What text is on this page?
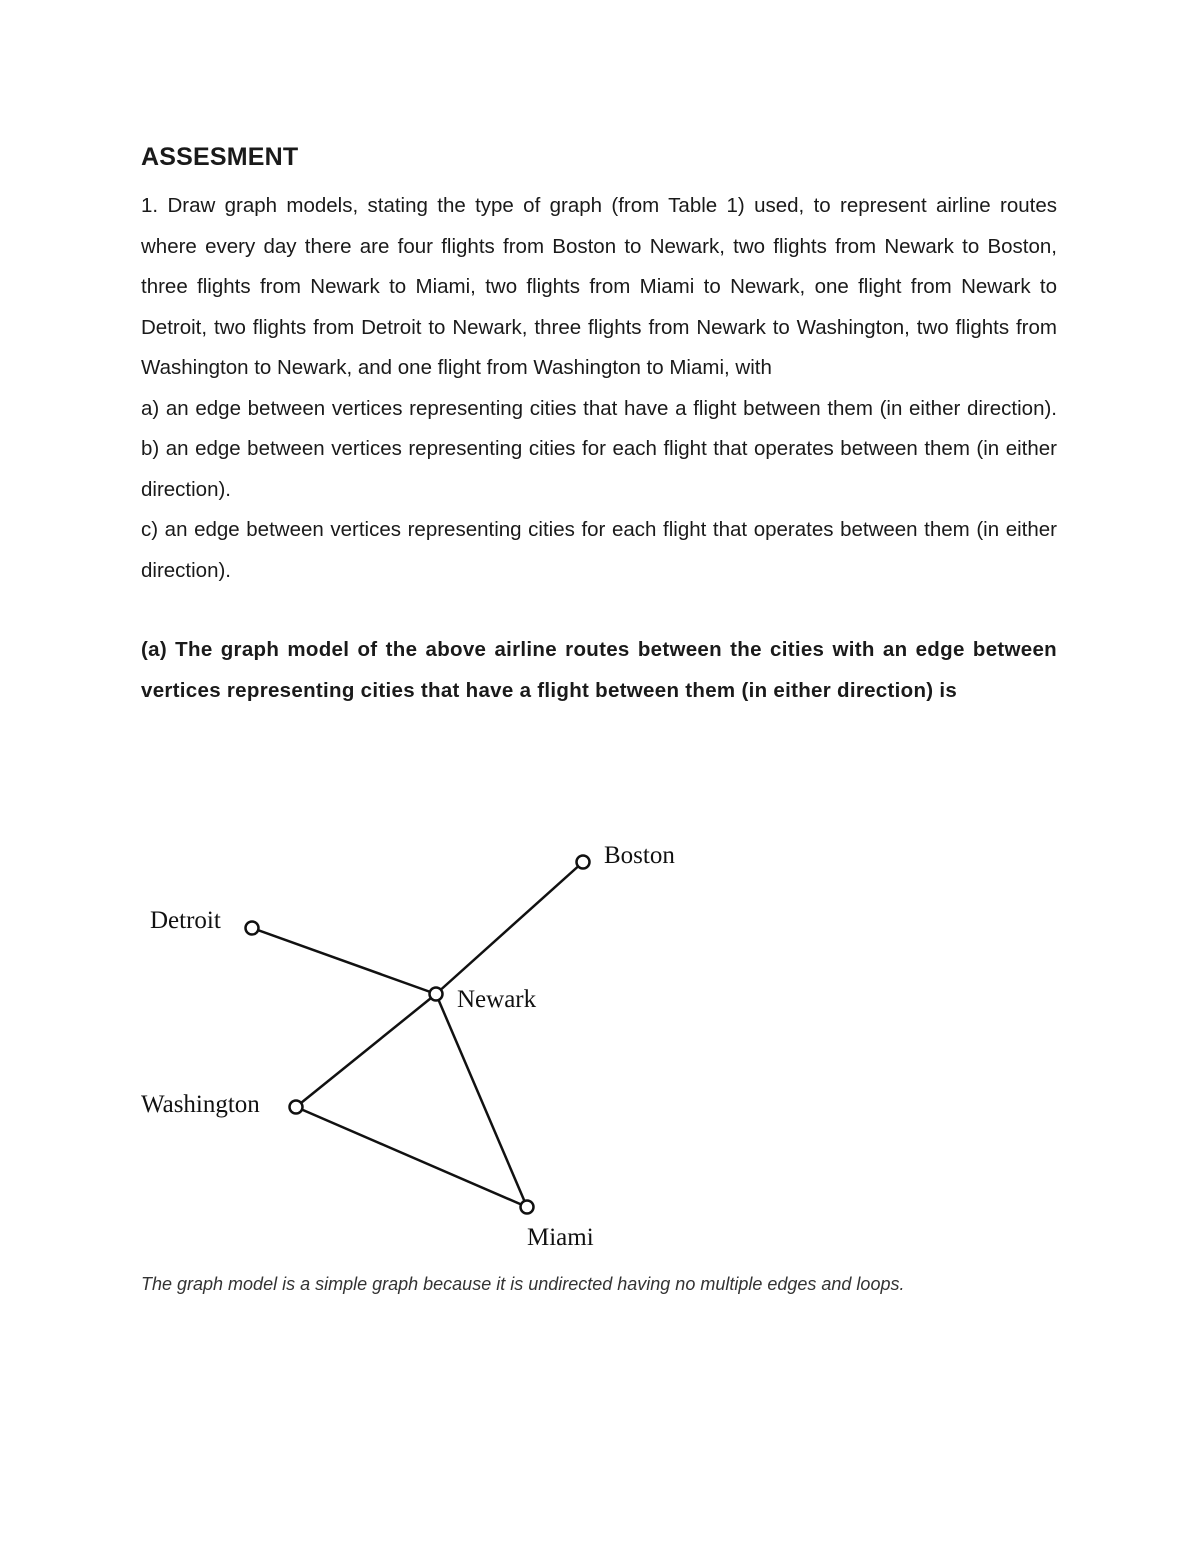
ASSESMENT

1. Draw graph models, stating the type of graph (from Table 1) used, to represent airline routes where every day there are four flights from Boston to Newark, two flights from Newark to Boston, three flights from Newark to Miami, two flights from Miami to Newark, one flight from Newark to Detroit, two flights from Detroit to Newark, three flights from Newark to Washington, two flights from Washington to Newark, and one flight from Washington to Miami, with

a) an edge between vertices representing cities that have a flight between them (in either direction).

b) an edge between vertices representing cities for each flight that operates between them (in either direction).

c) an edge between vertices representing cities for each flight that operates between them (in either direction).

(a) The graph model of the above airline routes between the cities with an edge between vertices representing cities that have a flight between them (in either direction) is

Boston
Detroit
Newark
Washington
Miami

The graph model is a simple graph because it is undirected having no multiple edges and loops.
